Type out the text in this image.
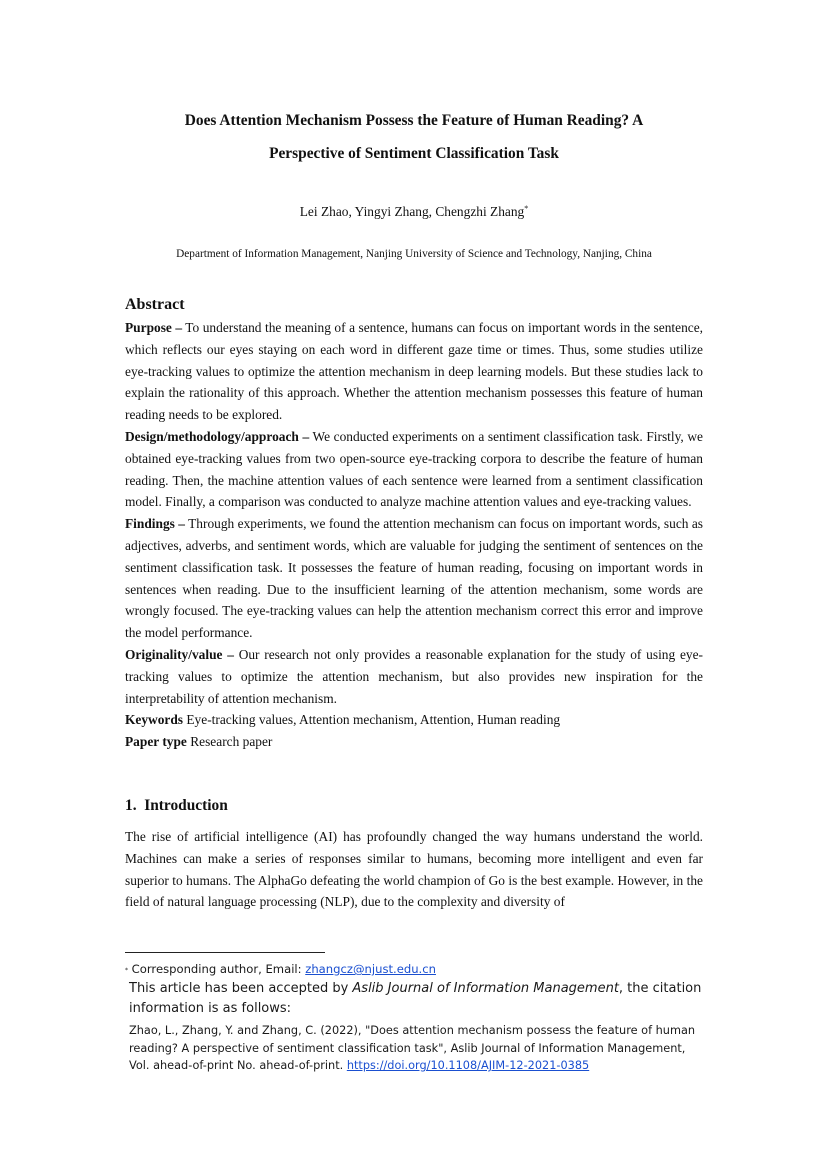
Does Attention Mechanism Possess the Feature of Human Reading? A
Perspective of Sentiment Classification Task
Lei Zhao, Yingyi Zhang, Chengzhi Zhang*
Department of Information Management, Nanjing University of Science and Technology, Nanjing, China
Abstract

Purpose – To understand the meaning of a sentence, humans can focus on important words in the sentence, which reflects our eyes staying on each word in different gaze time or times. Thus, some studies utilize eye-tracking values to optimize the attention mechanism in deep learning models. But these studies lack to explain the rationality of this approach. Whether the attention mechanism possesses this feature of human reading needs to be explored.

Design/methodology/approach – We conducted experiments on a sentiment classification task. Firstly, we obtained eye-tracking values from two open-source eye-tracking corpora to describe the feature of human reading. Then, the machine attention values of each sentence were learned from a sentiment classification model. Finally, a comparison was conducted to analyze machine attention values and eye-tracking values.

Findings – Through experiments, we found the attention mechanism can focus on important words, such as adjectives, adverbs, and sentiment words, which are valuable for judging the sentiment of sentences on the sentiment classification task. It possesses the feature of human reading, focusing on important words in sentences when reading. Due to the insufficient learning of the attention mechanism, some words are wrongly focused. The eye-tracking values can help the attention mechanism correct this error and improve the model performance.

Originality/value – Our research not only provides a reasonable explanation for the study of using eye-tracking values to optimize the attention mechanism, but also provides new inspiration for the interpretability of attention mechanism.

Keywords Eye-tracking values, Attention mechanism, Attention, Human reading

Paper type Research paper

1.  Introduction

The rise of artificial intelligence (AI) has profoundly changed the way humans understand the world. Machines can make a series of responses similar to humans, becoming more intelligent and even far superior to humans. The AlphaGo defeating the world champion of Go is the best example. However, in the field of natural language processing (NLP), due to the complexity and diversity of

* Corresponding author, Email: zhangcz@njust.edu.cn
This article has been accepted by Aslib Journal of Information Management, the citation information is as follows:
Zhao, L., Zhang, Y. and Zhang, C. (2022), "Does attention mechanism possess the feature of human reading? A perspective of sentiment classification task", Aslib Journal of Information Management, Vol. ahead-of-print No. ahead-of-print. https://doi.org/10.1108/AJIM-12-2021-0385
